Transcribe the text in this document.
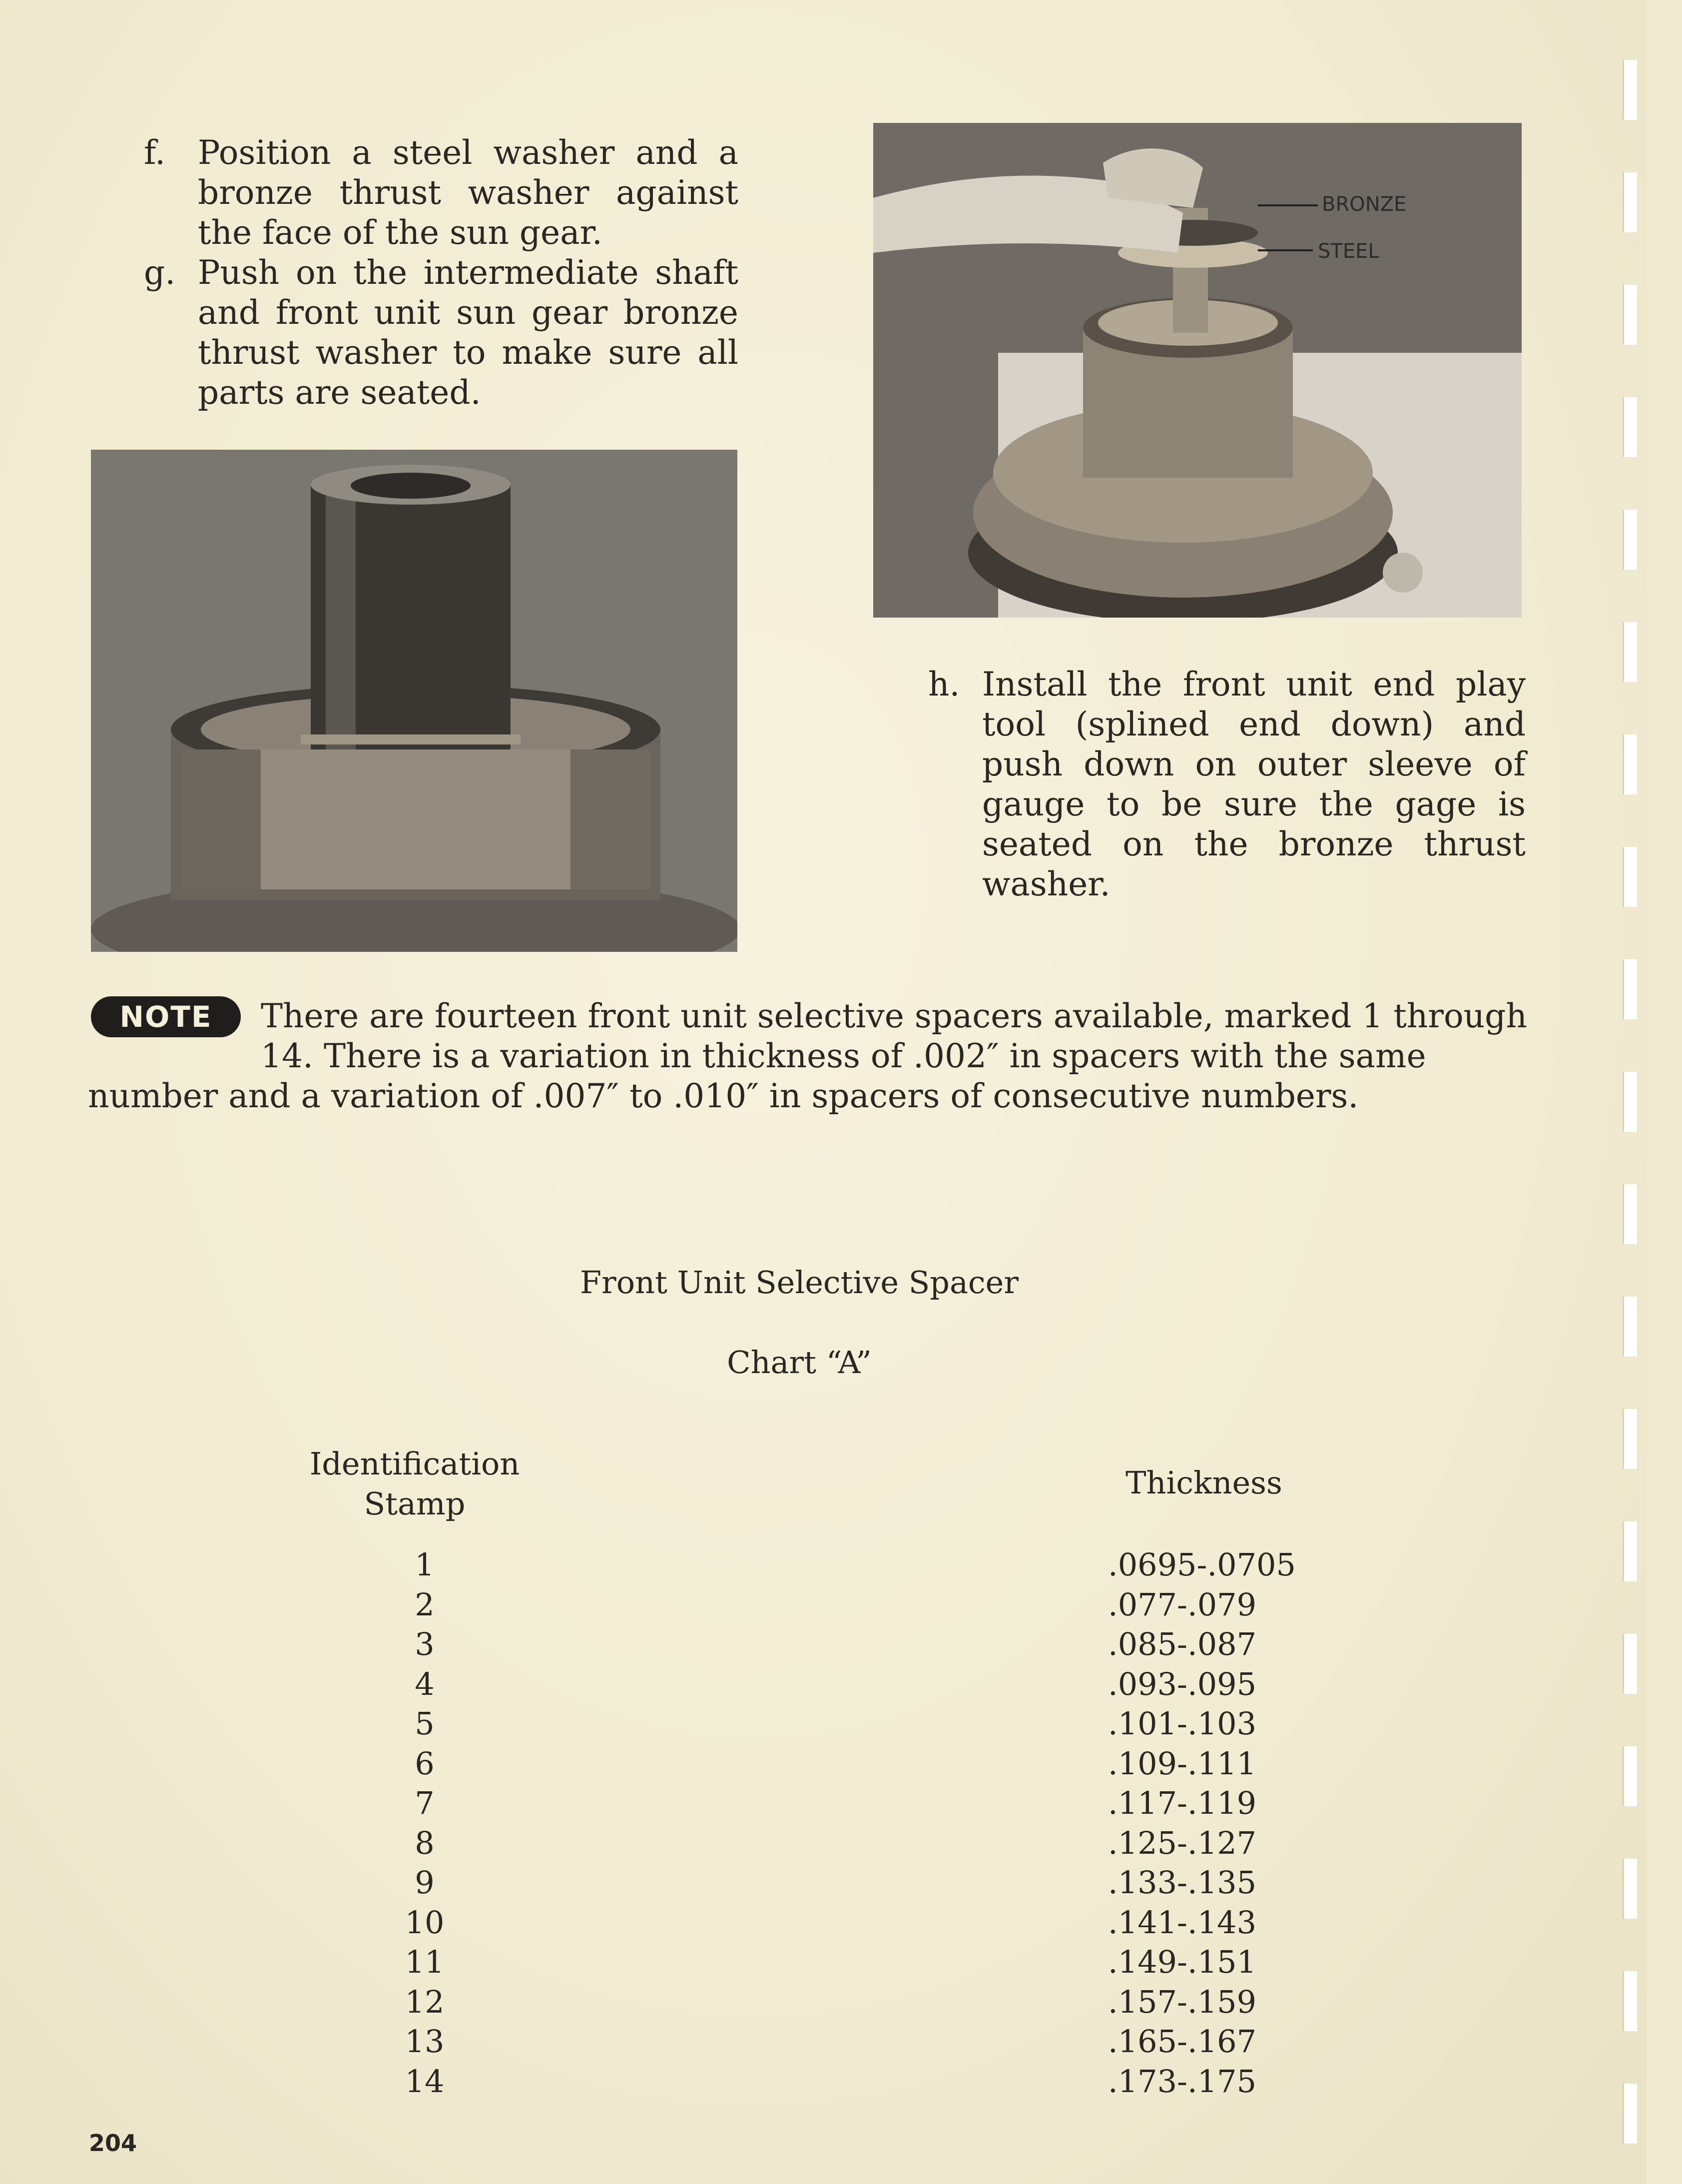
f. Position a steel washer and a bronze thrust washer against the face of the sun gear.
g. Push on the intermediate shaft and front unit sun gear bronze thrust washer to make sure all parts are seated.
BRONZE
STEEL
h. Install the front unit end play tool (splined end down) and push down on outer sleeve of gauge to be sure the gage is seated on the bronze thrust washer.
NOTE	There are fourteen front unit selective spacers available, marked 1 through
14. There is a variation in thickness of .002″ in spacers with the same
number and a variation of .007″ to .010″ in spacers of consecutive numbers.
Front Unit Selective Spacer
Chart “A”
Identification
Stamp
Thickness
1	.0695-.0705
2	.077-.079
3	.085-.087
4	.093-.095
5	.101-.103
6	.109-.111
7	.117-.119
8	.125-.127
9	.133-.135
10	.141-.143
11	.149-.151
12	.157-.159
13	.165-.167
14	.173-.175
204
